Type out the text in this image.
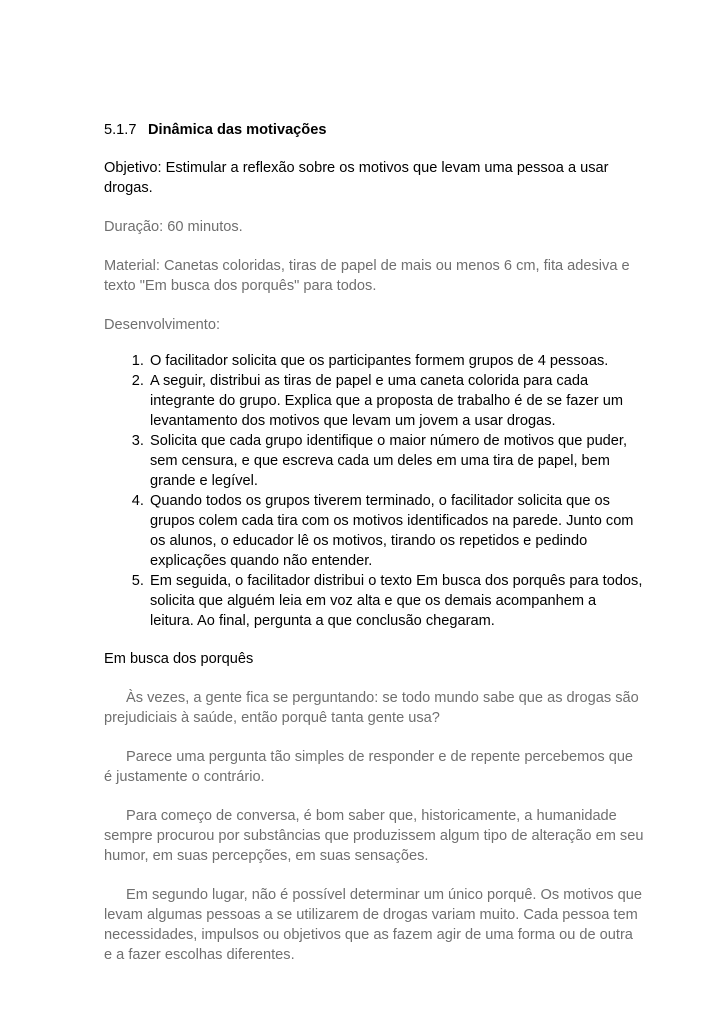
5.1.7 Dinâmica das motivações

Objetivo: Estimular a reflexão sobre os motivos que levam uma pessoa a usar drogas.

Duração: 60 minutos.

Material: Canetas coloridas, tiras de papel de mais ou menos 6 cm, fita adesiva e texto "Em busca dos porquês" para todos.

Desenvolvimento:

1. O facilitador solicita que os participantes formem grupos de 4 pessoas.
2. A seguir, distribui as tiras de papel e uma caneta colorida para cada integrante do grupo. Explica que a proposta de trabalho é de se fazer um levantamento dos motivos que levam um jovem a usar drogas.
3. Solicita que cada grupo identifique o maior número de motivos que puder, sem censura, e que escreva cada um deles em uma tira de papel, bem grande e legível.
4. Quando todos os grupos tiverem terminado, o facilitador solicita que os grupos colem cada tira com os motivos identificados na parede. Junto com os alunos, o educador lê os motivos, tirando os repetidos e pedindo explicações quando não entender.
5. Em seguida, o facilitador distribui o texto Em busca dos porquês para todos, solicita que alguém leia em voz alta e que os demais acompanhem a leitura. Ao final, pergunta a que conclusão chegaram.

Em busca dos porquês

Às vezes, a gente fica se perguntando: se todo mundo sabe que as drogas são prejudiciais à saúde, então porquê tanta gente usa?

Parece uma pergunta tão simples de responder e de repente percebemos que é justamente o contrário.

Para começo de conversa, é bom saber que, historicamente, a humanidade sempre procurou por substâncias que produzissem algum tipo de alteração em seu humor, em suas percepções, em suas sensações.

Em segundo lugar, não é possível determinar um único porquê. Os motivos que levam algumas pessoas a se utilizarem de drogas variam muito. Cada pessoa tem necessidades, impulsos ou objetivos que as fazem agir de uma forma ou de outra e a fazer escolhas diferentes.
